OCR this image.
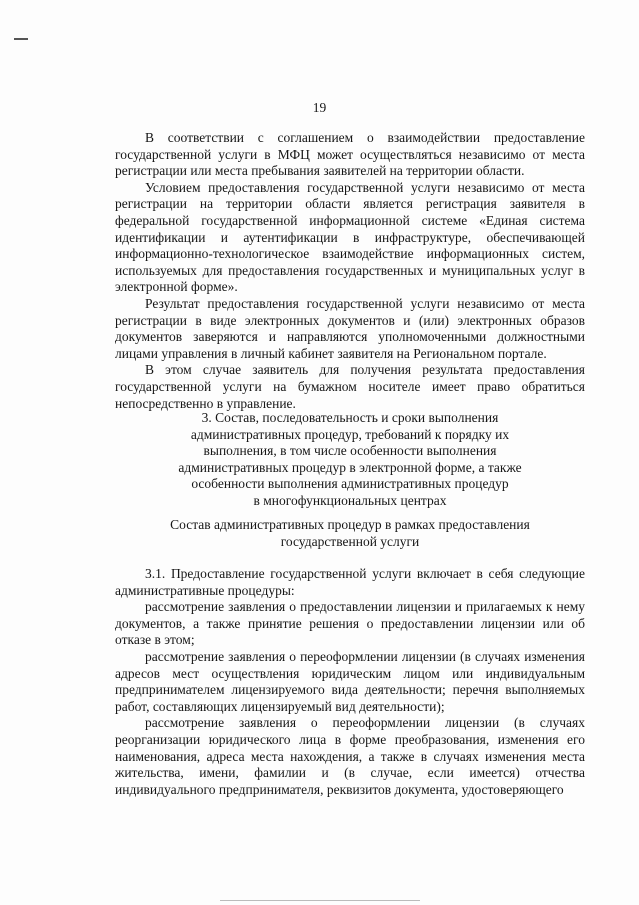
19

В соответствии с соглашением о взаимодействии предоставление государственной услуги в МФЦ может осуществляться независимо от места регистрации или места пребывания заявителей на территории области.

Условием предоставления государственной услуги независимо от места регистрации на территории области является регистрация заявителя в федеральной государственной информационной системе «Единая система идентификации и аутентификации в инфраструктуре, обеспечивающей информационно-технологическое взаимодействие информационных систем, используемых для предоставления государственных и муниципальных услуг в электронной форме».

Результат предоставления государственной услуги независимо от места регистрации в виде электронных документов и (или) электронных образов документов заверяются и направляются уполномоченными должностными лицами управления в личный кабинет заявителя на Региональном портале.

В этом случае заявитель для получения результата предоставления государственной услуги на бумажном носителе имеет право обратиться непосредственно в управление.

3. Состав, последовательность и сроки выполнения
административных процедур, требований к порядку их
выполнения, в том числе особенности выполнения
административных процедур в электронной форме, а также
особенности выполнения административных процедур
в многофункциональных центрах
Состав административных процедур в рамках предоставления
государственной услуги

3.1. Предоставление государственной услуги включает в себя следующие административные процедуры:

рассмотрение заявления о предоставлении лицензии и прилагаемых к нему документов, а также принятие решения о предоставлении лицензии или об отказе в этом;

рассмотрение заявления о переоформлении лицензии (в случаях изменения адресов мест осуществления юридическим лицом или индивидуальным предпринимателем лицензируемого вида деятельности; перечня выполняемых работ, составляющих лицензируемый вид деятельности);

рассмотрение заявления о переоформлении лицензии (в случаях реорганизации юридического лица в форме преобразования, изменения его наименования, адреса места нахождения, а также в случаях изменения места жительства, имени, фамилии и (в случае, если имеется) отчества индивидуального предпринимателя, реквизитов документа, удостоверяющего
